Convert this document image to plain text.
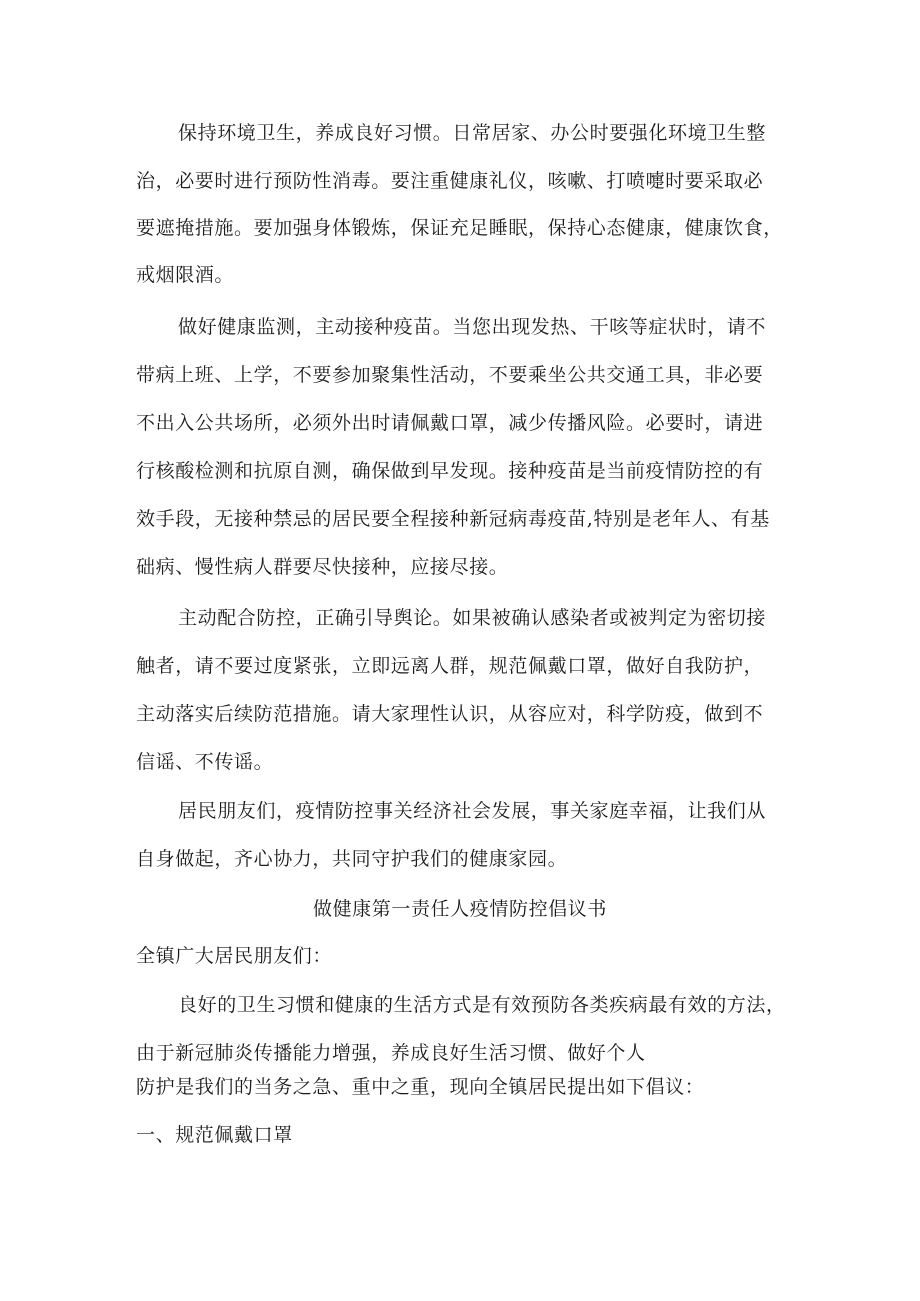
保持环境卫生，养成良好习惯。日常居家、办公时要强化环境卫生整
治，必要时进行预防性消毒。要注重健康礼仪，咳嗽、打喷嚏时要采取必
要遮掩措施。要加强身体锻炼，保证充足睡眠，保持心态健康，健康饮食，
戒烟限酒。
做好健康监测，主动接种疫苗。当您出现发热、干咳等症状时，请不
带病上班、上学，不要参加聚集性活动，不要乘坐公共交通工具，非必要
不出入公共场所，必须外出时请佩戴口罩，减少传播风险。必要时，请进
行核酸检测和抗原自测，确保做到早发现。接种疫苗是当前疫情防控的有
效手段，无接种禁忌的居民要全程接种新冠病毒疫苗,特别是老年人、有基
础病、慢性病人群要尽快接种，应接尽接。
主动配合防控，正确引导舆论。如果被确认感染者或被判定为密切接
触者，请不要过度紧张，立即远离人群，规范佩戴口罩，做好自我防护，
主动落实后续防范措施。请大家理性认识，从容应对，科学防疫，做到不
信谣、不传谣。
居民朋友们，疫情防控事关经济社会发展，事关家庭幸福，让我们从
自身做起，齐心协力，共同守护我们的健康家园。
做健康第一责任人疫情防控倡议书
全镇广大居民朋友们：
良好的卫生习惯和健康的生活方式是有效预防各类疾病最有效的方法，
由于新冠肺炎传播能力增强，养成良好生活习惯、做好个人
防护是我们的当务之急、重中之重，现向全镇居民提出如下倡议：
一、规范佩戴口罩
